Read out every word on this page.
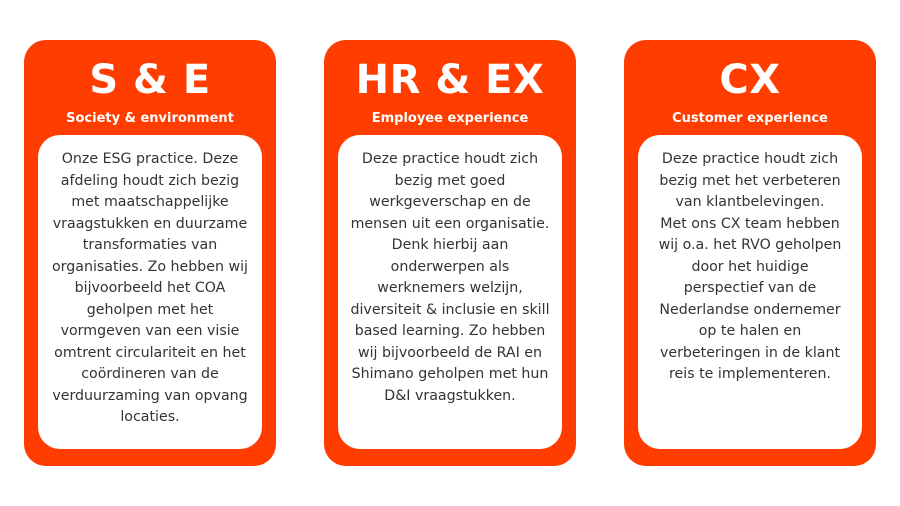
S & E
Society & environment

Onze ESG practice. Deze afdeling houdt zich bezig met maatschappelijke vraagstukken en duurzame transformaties van organisaties. Zo hebben wij bijvoorbeeld het COA geholpen met het vormgeven van een visie omtrent circulariteit en het coördineren van de verduurzaming van opvang locaties.

HR & EX
Employee experience

Deze practice houdt zich bezig met goed werkgeverschap en de mensen uit een organisatie. Denk hierbij aan onderwerpen als werknemers welzijn, diversiteit & inclusie en skill based learning. Zo hebben wij bijvoorbeeld de RAI en Shimano geholpen met hun D&I vraagstukken.

CX
Customer experience

Deze practice houdt zich bezig met het verbeteren van klantbelevingen.

Met ons CX team hebben wij o.a. het RVO geholpen door het huidige perspectief van de Nederlandse ondernemer op te halen en verbeteringen in de klant reis te implementeren.
